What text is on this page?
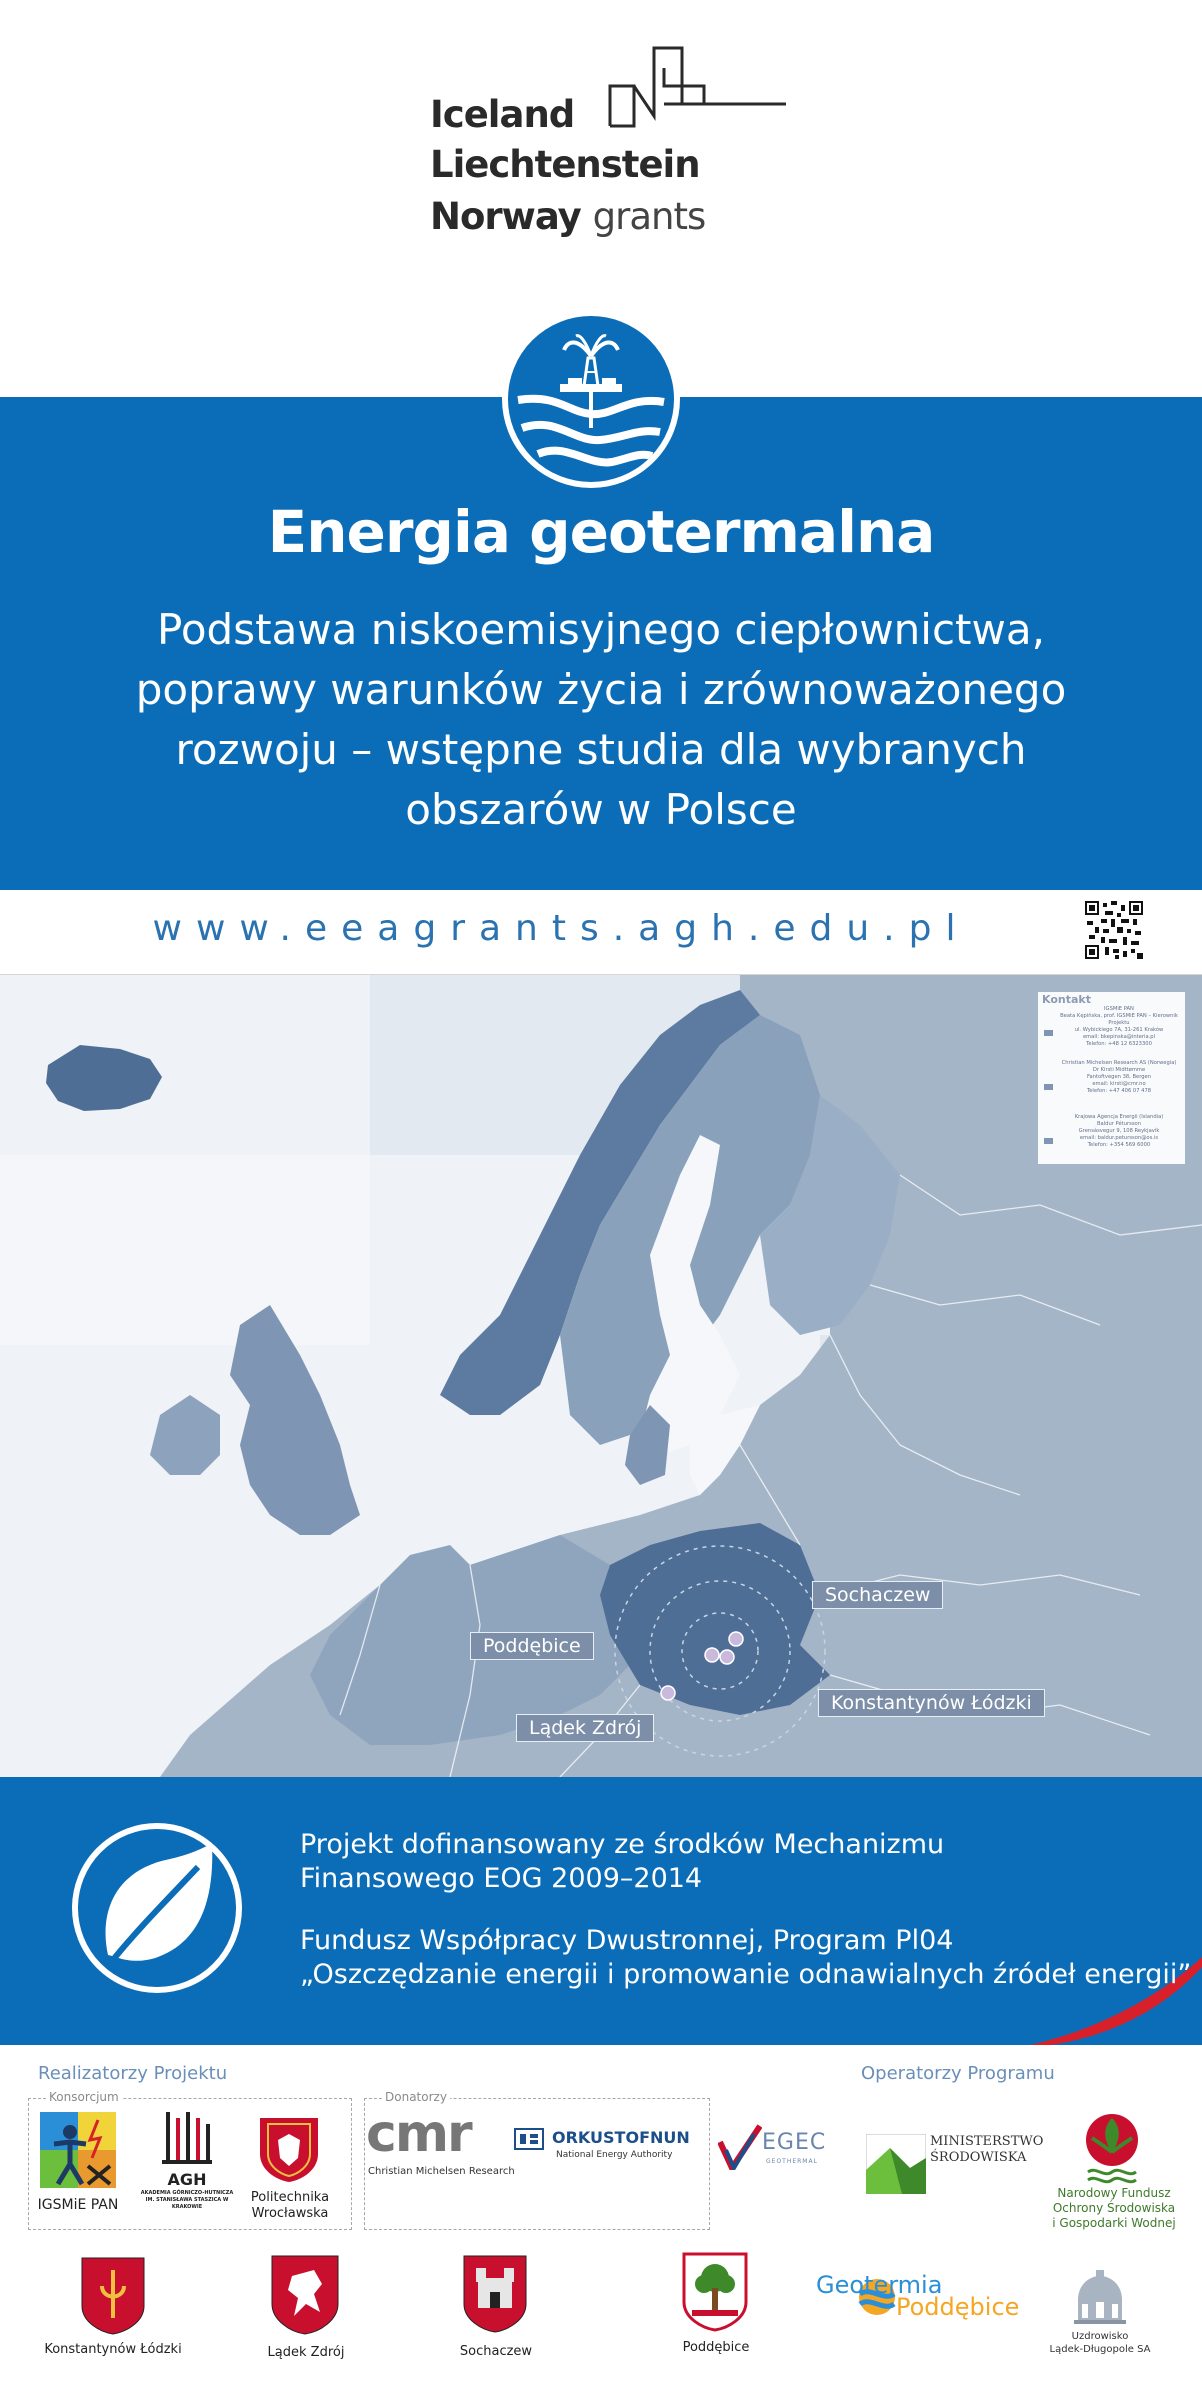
Iceland
Liechtenstein
Norway grants
Energia geotermalna
Podstawa niskoemisyjnego ciepłownictwa,
poprawy warunków życia i zrównoważonego
rozwoju – wstępne studia dla wybranych
obszarów w Polsce
www.eeagrants.agh.edu.pl
Sochaczew
Poddębice
Konstantynów Łódzki
Lądek Zdrój
Kontakt
IGSMiE PAN
Beata Kępińska, prof. IGSMiE PAN – Kierownik Projektu
ul. Wybickiego 7A, 31-261 Kraków
email: bkepinska@interia.pl
Telefon: +48 12 6323300
Christian Michelsen Research AS (Norwegia)
Dr Kirsti Midttømme
Fantoftvegen 38, Bergen
email: kirsti@cmr.no
Telefon: +47 406 07 478
Krajowa Agencja Energii (Islandia)
Baldur Pétursson
Grensásvegur 9, 108 Reykjavík
email: baldur.petursson@os.is
Telefon: +354 569 6000
Projekt dofinansowany ze środków Mechanizmu
Finansowego EOG 2009–2014
Fundusz Współpracy Dwustronnej, Program Pl04
„Oszczędzanie energii i promowanie odnawialnych źródeł energii”
Realizatorzy Projektu	Operatorzy Programu
Konsorcjum
IGSMiE PAN
AGH
AKADEMIA GÓRNICZO-HUTNICZA IM. STANISŁAWA STASZICA W KRAKOWIE
Politechnika
Wrocławska
Donatorzy
cmr
Christian Michelsen Research
ORKUSTOFNUN
National Energy Authority	EGEC
GEOTHERMAL
MINISTERSTWO
ŚRODOWISKA
Narodowy Fundusz
Ochrony Środowiska
i Gospodarki Wodnej
Konstantynów Łódzki	Lądek Zdrój	Sochaczew	Poddębice
Geotermia
Poddębice
Uzdrowisko
Lądek-Długopole SA
